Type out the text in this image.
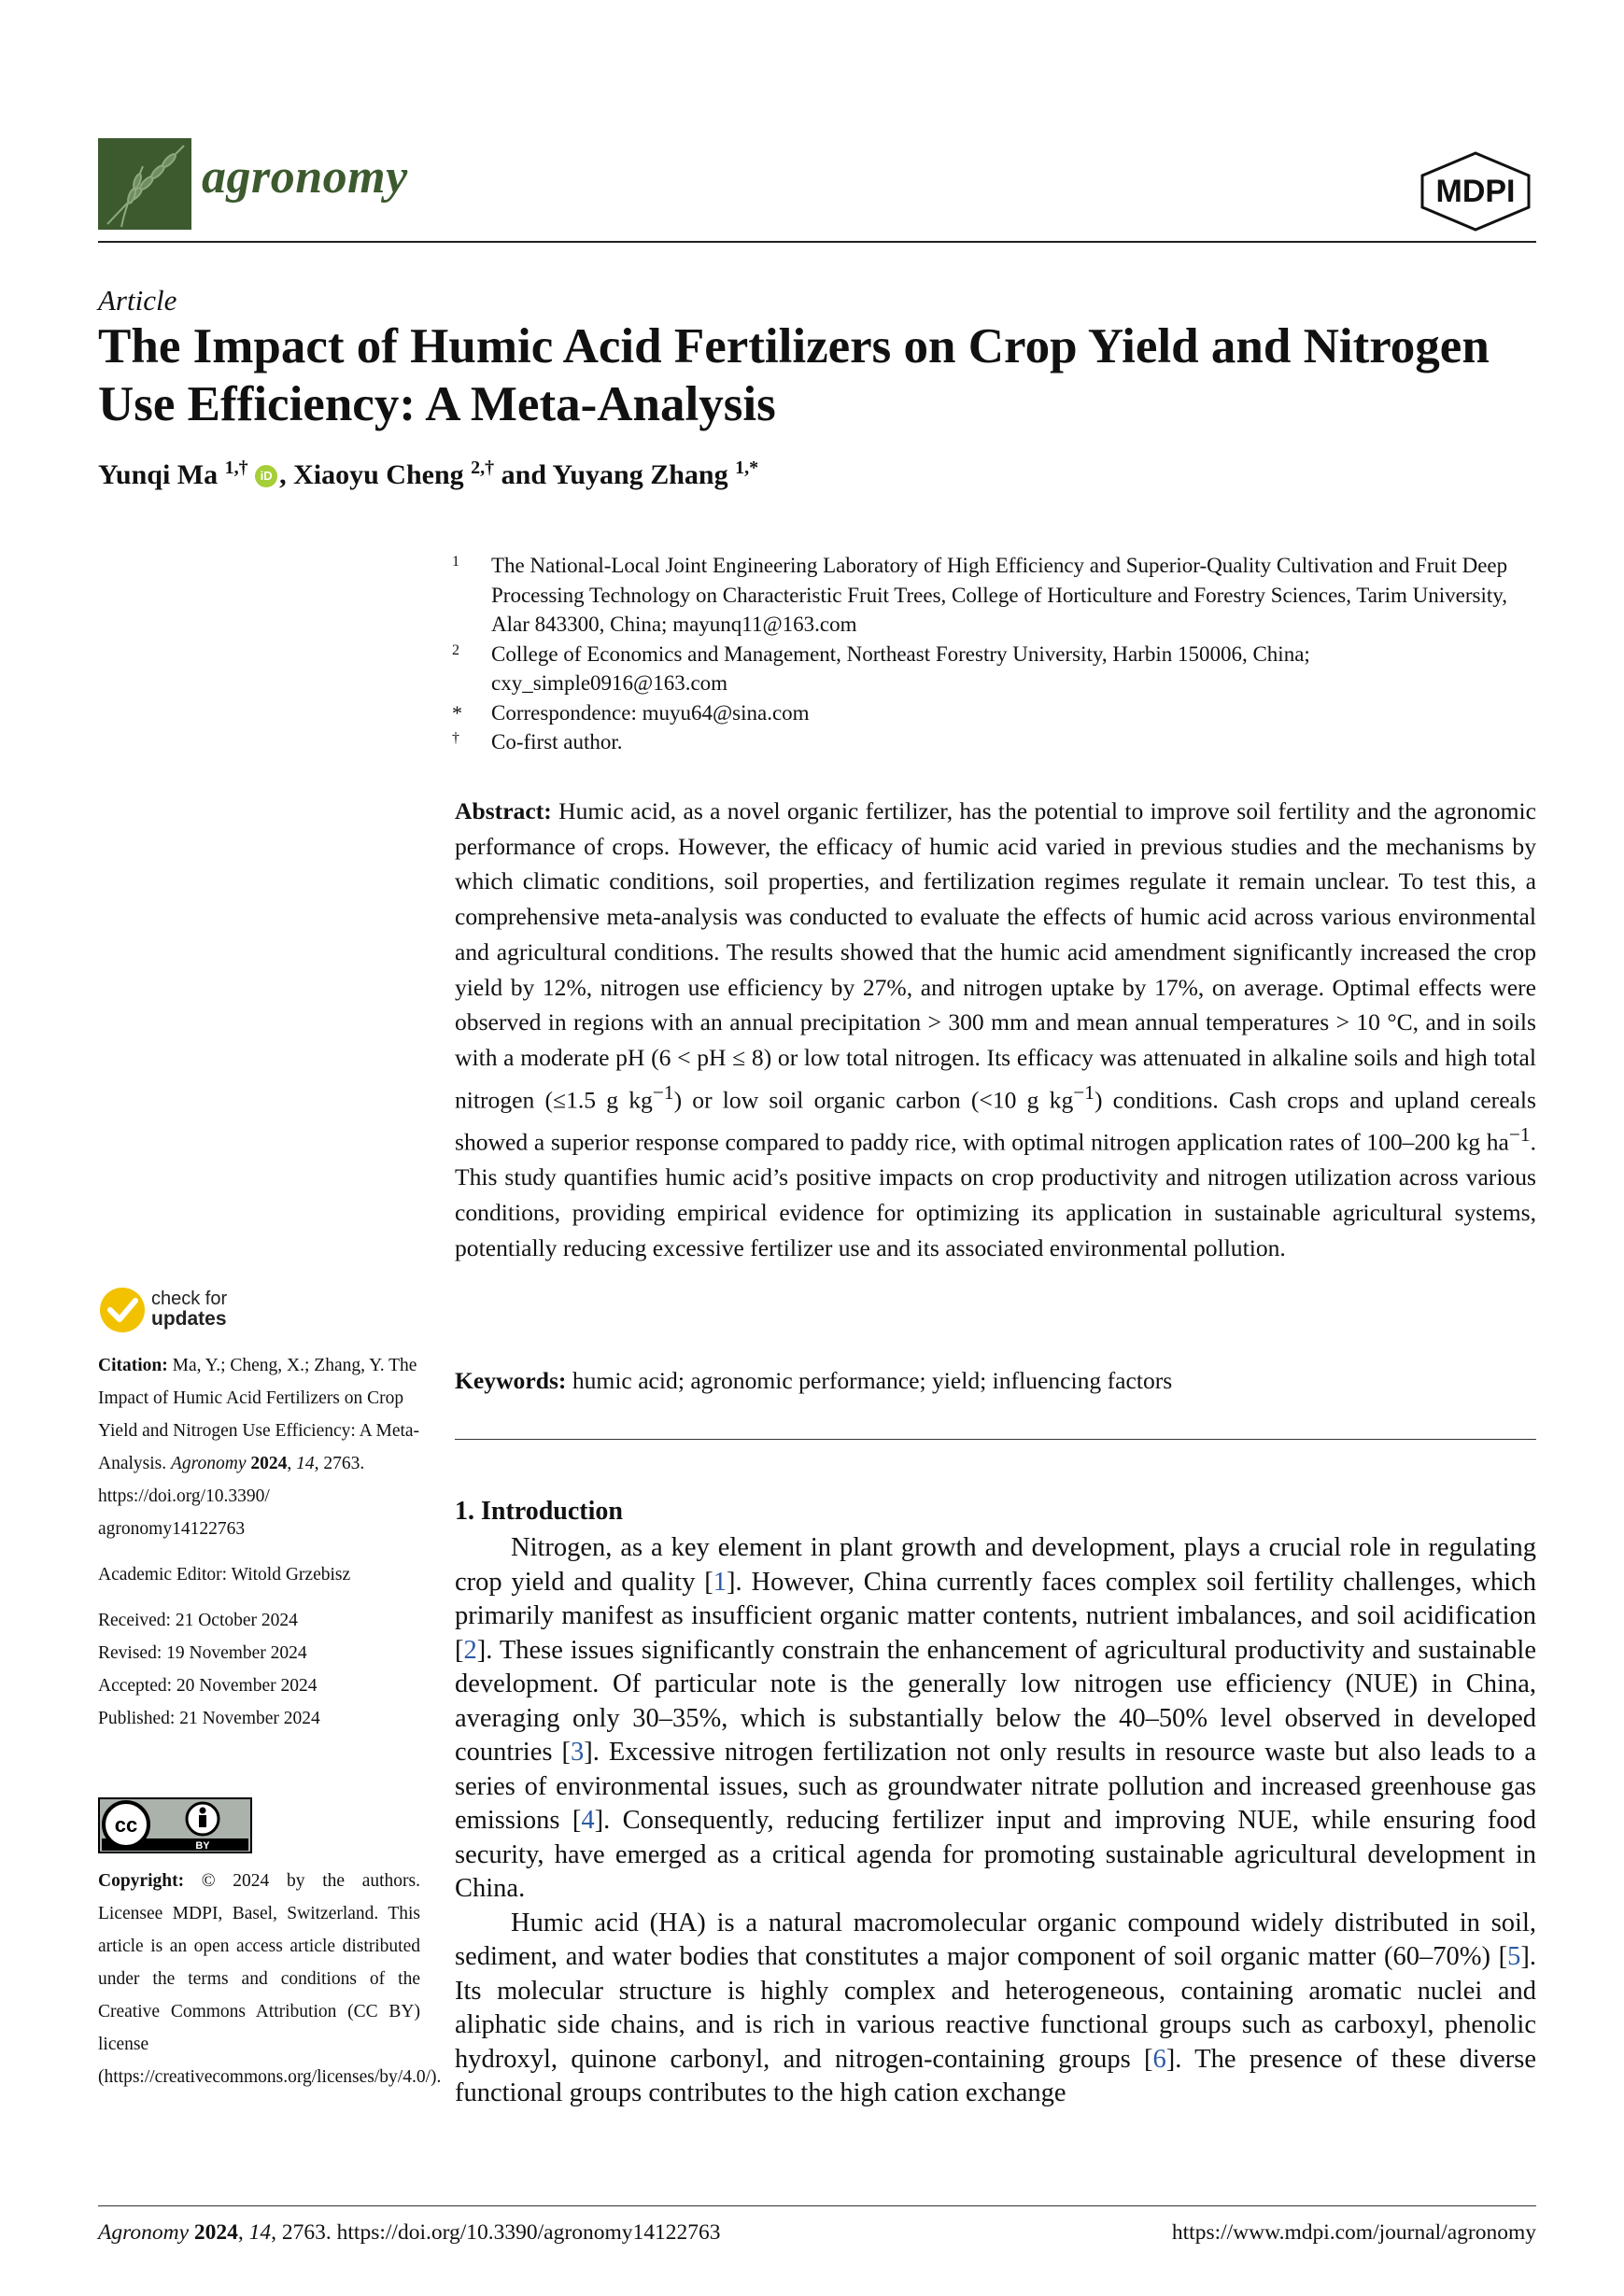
agronomy	MDPI
Article
The Impact of Humic Acid Fertilizers on Crop Yield and Nitrogen Use Efficiency: A Meta-Analysis
Yunqi Ma $^{1,\dagger}$ iD , Xiaoyu Cheng $^{2,\dagger}$ and Yuyang Zhang $^{1,*}$
1 The National-Local Joint Engineering Laboratory of High Efficiency and Superior-Quality Cultivation and Fruit Deep Processing Technology on Characteristic Fruit Trees, College of Horticulture and Forestry Sciences, Tarim University, Alar 843300, China; mayunq11@163.com
2 College of Economics and Management, Northeast Forestry University, Harbin 150006, China; cxy_simple0916@163.com
* Correspondence: muyu64@sina.com
† Co-first author.
Abstract: Humic acid, as a novel organic fertilizer, has the potential to improve soil fertility and the agronomic performance of crops. However, the efficacy of humic acid varied in previous studies and the mechanisms by which climatic conditions, soil properties, and fertilization regimes regulate it remain unclear. To test this, a comprehensive meta-analysis was conducted to evaluate the effects of humic acid across various environmental and agricultural conditions. The results showed that the humic acid amendment significantly increased the crop yield by 12%, nitrogen use efficiency by 27%, and nitrogen uptake by 17%, on average. Optimal effects were observed in regions with an annual precipitation > 300 mm and mean annual temperatures > 10 °C, and in soils with a moderate pH (6 < pH ≤ 8) or low total nitrogen. Its efficacy was attenuated in alkaline soils and high total nitrogen (≤1.5 g $kg^{-1}$) or low soil organic carbon (<10 g $kg^{-1}$) conditions. Cash crops and upland cereals showed a superior response compared to paddy rice, with optimal nitrogen application rates of 100–200 kg $ha^{-1}$. This study quantifies humic acid’s positive impacts on crop productivity and nitrogen utilization across various conditions, providing empirical evidence for optimizing its application in sustainable agricultural systems, potentially reducing excessive fertilizer use and its associated environmental pollution.
Keywords: humic acid; agronomic performance; yield; influencing factors
1. Introduction

Nitrogen, as a key element in plant growth and development, plays a crucial role in regulating crop yield and quality [1]. However, China currently faces complex soil fertility challenges, which primarily manifest as insufficient organic matter contents, nutrient imbalances, and soil acidification [2]. These issues significantly constrain the enhancement of agricultural productivity and sustainable development. Of particular note is the generally low nitrogen use efficiency (NUE) in China, averaging only 30–35%, which is substantially below the 40–50% level observed in developed countries [3]. Excessive nitrogen fertilization not only results in resource waste but also leads to a series of environmental issues, such as groundwater nitrate pollution and increased greenhouse gas emissions [4]. Consequently, reducing fertilizer input and improving NUE, while ensuring food security, have emerged as a critical agenda for promoting sustainable agricultural development in China.

Humic acid (HA) is a natural macromolecular organic compound widely distributed in soil, sediment, and water bodies that constitutes a major component of soil organic matter (60–70%) [5]. Its molecular structure is highly complex and heterogeneous, containing aromatic nuclei and aliphatic side chains, and is rich in various reactive functional groups such as carboxyl, phenolic hydroxyl, quinone carbonyl, and nitrogen-containing groups [6]. The presence of these diverse functional groups contributes to the high cation exchange

check for
updates
Citation: Ma, Y.; Cheng, X.; Zhang, Y. The Impact of Humic Acid Fertilizers on Crop Yield and Nitrogen Use Efficiency: A Meta-Analysis. Agronomy 2024, 14, 2763.
https://doi.org/10.3390/
agronomy14122763
Academic Editor: Witold Grzebisz
Received: 21 October 2024
Revised: 19 November 2024
Accepted: 20 November 2024
Published: 21 November 2024
cc
BY
Copyright: © 2024 by the authors. Licensee MDPI, Basel, Switzerland. This article is an open access article distributed under the terms and conditions of the Creative Commons Attribution (CC BY) license (https://creativecommons.org/licenses/by/4.0/).
Agronomy 2024, 14, 2763. https://doi.org/10.3390/agronomy14122763	https://www.mdpi.com/journal/agronomy
